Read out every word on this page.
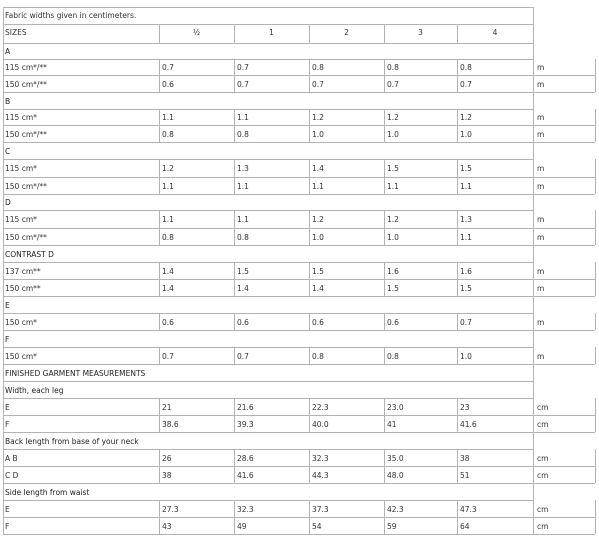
Fabric widths given in centimeters.
SIZES	½	1	2	3	4
A
115 cm*/**	0.7	0.7	0.8	0.8	0.8	m
150 cm*/**	0.6	0.7	0.7	0.7	0.7	m
B
115 cm*	1.1	1.1	1.2	1.2	1.2	m
150 cm*/**	0.8	0.8	1.0	1.0	1.0	m
C
115 cm*	1.2	1.3	1.4	1.5	1.5	m
150 cm*/**	1.1	1.1	1.1	1.1	1.1	m
D
115 cm*	1.1	1.1	1.2	1.2	1.3	m
150 cm*/**	0.8	0.8	1.0	1.0	1.1	m
CONTRAST D
137 cm**	1.4	1.5	1.5	1.6	1.6	m
150 cm**	1.4	1.4	1.4	1.5	1.5	m
E
150 cm*	0.6	0.6	0.6	0.6	0.7	m
F
150 cm*	0.7	0.7	0.8	0.8	1.0	m
FINISHED GARMENT MEASUREMENTS
Width, each leg
E	21	21.6	22.3	23.0	23	cm
F	38.6	39.3	40.0	41	41.6	cm
Back length from base of your neck
A B	26	28.6	32.3	35.0	38	cm
C D	38	41.6	44.3	48.0	51	cm
Side length from waist
E	27.3	32.3	37.3	42.3	47.3	cm
F	43	49	54	59	64	cm
